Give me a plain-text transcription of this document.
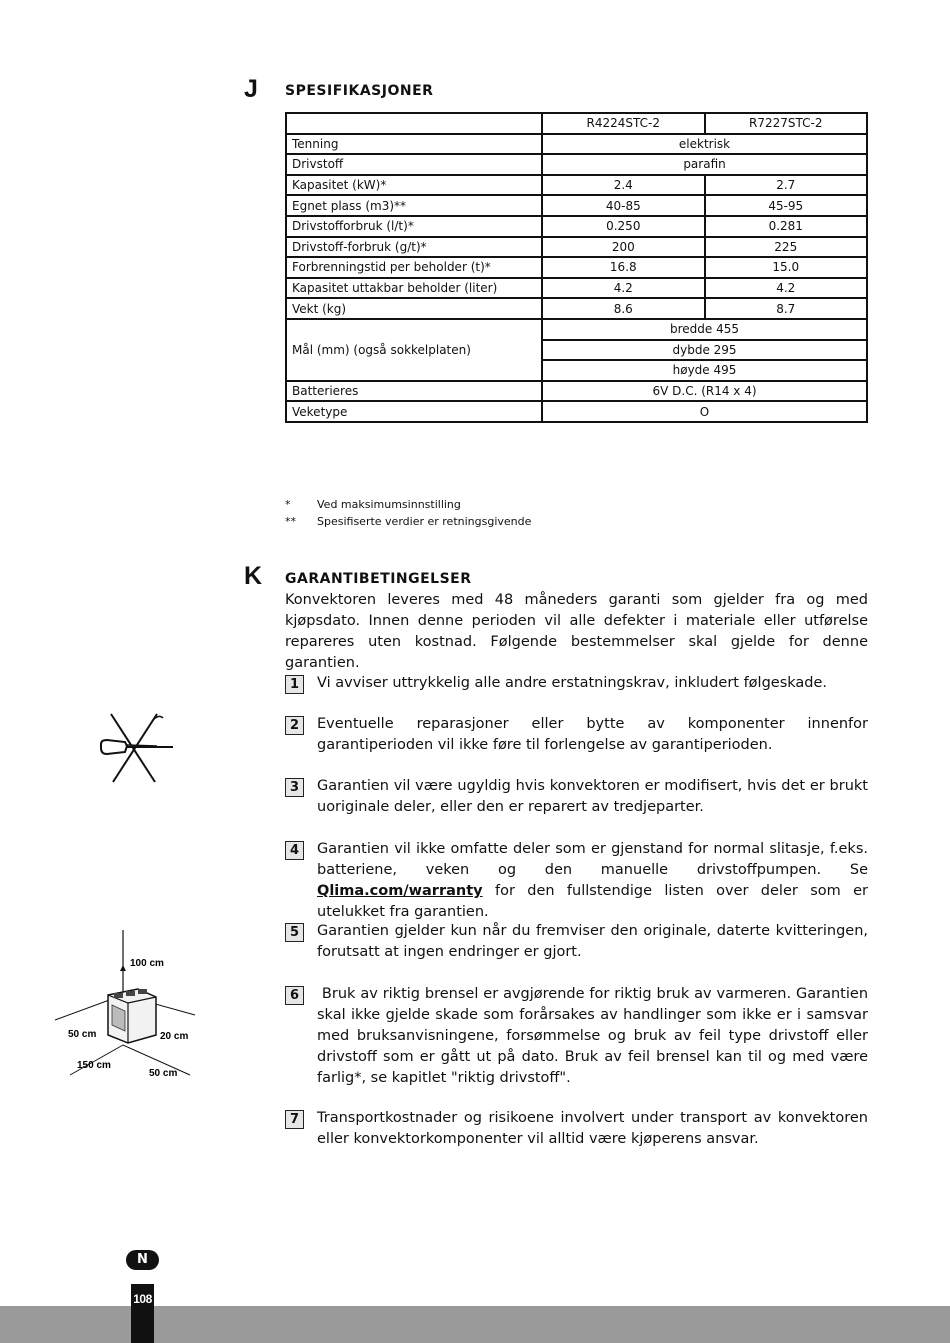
J SPESIFIKASJONER
	R4224STC-2	R7227STC-2
Tenning	elektrisk	
Drivstoff	parafin	
Kapasitet (kW)*	2.4	2.7
Egnet plass (m3)**	40-85	45-95
Drivstofforbruk (l/t)*	0.250	0.281
Drivstoff-forbruk (g/t)*	200	225
Forbrenningstid per beholder (t)*	16.8	15.0
Kapasitet uttakbar beholder (liter)	4.2	4.2
Vekt (kg)	8.6	8.7
Mål (mm) (også sokkelplaten)	bredde 455	
	dybde 295	
	høyde 495	
Batterieres	6V D.C. (R14 x 4)	
Veketype	O	
*	Ved maksimumsinnstilling
**	Spesifiserte verdier er retningsgivende
K GARANTIBETINGELSER
Konvektoren leveres med 48 måneders garanti som gjelder fra og med kjøpsdato. Innen denne perioden vil alle defekter i materiale eller utførelse repareres uten kostnad. Følgende bestemmelser skal gjelde for denne garantien.
1	Vi avviser uttrykkelig alle andre erstatningskrav, inkludert følgeskade.
2	Eventuelle reparasjoner eller bytte av komponenter innenfor garantiperioden vil ikke føre til forlengelse av garantiperioden.
3	Garantien vil være ugyldig hvis konvektoren er modifisert, hvis det er brukt uoriginale deler, eller den er reparert av tredjeparter.
4	Garantien vil ikke omfatte deler som er gjenstand for normal slitasje, f.eks. batteriene, veken og den manuelle drivstoffpumpen. Se Qlima.com/warranty for den fullstendige listen over deler som er utelukket fra garantien.
5	Garantien gjelder kun når du fremviser den originale, daterte kvitteringen, forutsatt at ingen endringer er gjort.
6	Bruk av riktig brensel er avgjørende for riktig bruk av varmeren. Garantien skal ikke gjelde skade som forårsakes av handlinger som ikke er i samsvar med bruksanvisningene, forsømmelse og bruk av feil type drivstoff eller drivstoff som er gått ut på dato. Bruk av feil brensel kan til og med være farlig*, se kapitlet "riktig drivstoff".
7	Transportkostnader og risikoene involvert under transport av konvektoren eller konvektorkomponenter vil alltid være kjøperens ansvar.
100 cm
50 cm	20 cm
150 cm
50 cm
N
108
